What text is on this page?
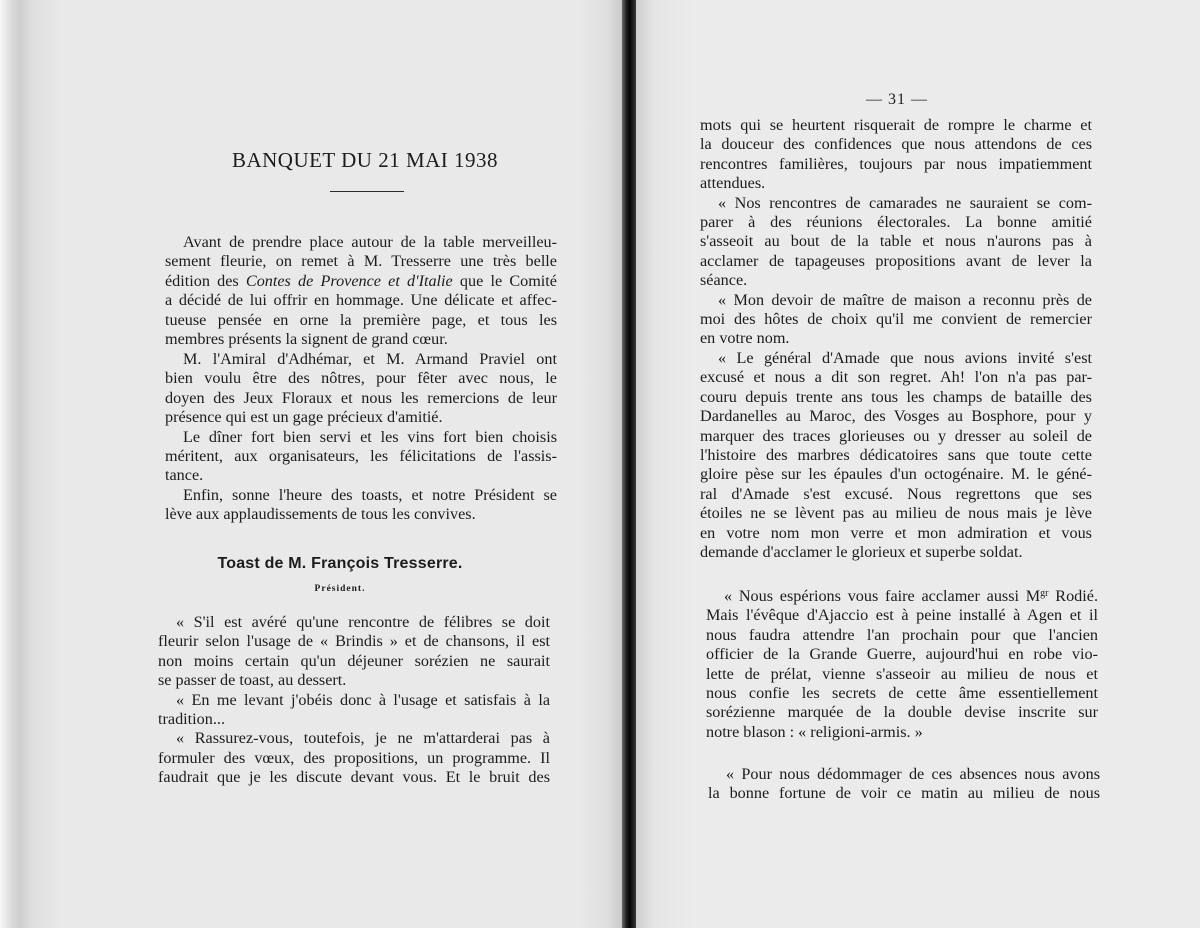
BANQUET DU 21 MAI 1938
Avant de prendre place autour de la table merveilleu-
sement fleurie, on remet à M. Tresserre une très belle
édition des Contes de Provence et d'Italie que le Comité
a décidé de lui offrir en hommage. Une délicate et affec-
tueuse pensée en orne la première page, et tous les
membres présents la signent de grand cœur.
M. l'Amiral d'Adhémar, et M. Armand Praviel ont
bien voulu être des nôtres, pour fêter avec nous, le
doyen des Jeux Floraux et nous les remercions de leur
présence qui est un gage précieux d'amitié.
Le dîner fort bien servi et les vins fort bien choisis
méritent, aux organisateurs, les félicitations de l'assis-
tance.
Enfin, sonne l'heure des toasts, et notre Président se
lève aux applaudissements de tous les convives.
Toast de M. François Tresserre.
Président.
« S'il est avéré qu'une rencontre de félibres se doit
fleurir selon l'usage de « Brindis » et de chansons, il est
non moins certain qu'un déjeuner sorézien ne saurait
se passer de toast, au dessert.
« En me levant j'obéis donc à l'usage et satisfais à la
tradition...
« Rassurez-vous, toutefois, je ne m'attarderai pas à
formuler des vœux, des propositions, un programme. Il
faudrait que je les discute devant vous. Et le bruit des
— 31 —
mots qui se heurtent risquerait de rompre le charme et
la douceur des confidences que nous attendons de ces
rencontres familières, toujours par nous impatiemment
attendues.
« Nos rencontres de camarades ne sauraient se com-
parer à des réunions électorales. La bonne amitié
s'asseoit au bout de la table et nous n'aurons pas à
acclamer de tapageuses propositions avant de lever la
séance.
« Mon devoir de maître de maison a reconnu près de
moi des hôtes de choix qu'il me convient de remercier
en votre nom.
« Le général d'Amade que nous avions invité s'est
excusé et nous a dit son regret. Ah! l'on n'a pas par-
couru depuis trente ans tous les champs de bataille des
Dardanelles au Maroc, des Vosges au Bosphore, pour y
marquer des traces glorieuses ou y dresser au soleil de
l'histoire des marbres dédicatoires sans que toute cette
gloire pèse sur les épaules d'un octogénaire. M. le géné-
ral d'Amade s'est excusé. Nous regrettons que ses
étoiles ne se lèvent pas au milieu de nous mais je lève
en votre nom mon verre et mon admiration et vous
demande d'acclamer le glorieux et superbe soldat.
« Nous espérions vous faire acclamer aussi $M^{gr}$ Rodié.
Mais l'évêque d'Ajaccio est à peine installé à Agen et il
nous faudra attendre l'an prochain pour que l'ancien
officier de la Grande Guerre, aujourd'hui en robe vio-
lette de prélat, vienne s'asseoir au milieu de nous et
nous confie les secrets de cette âme essentiellement
sorézienne marquée de la double devise inscrite sur
notre blason : « religioni-armis. »
« Pour nous dédommager de ces absences nous avons
la bonne fortune de voir ce matin au milieu de nous
